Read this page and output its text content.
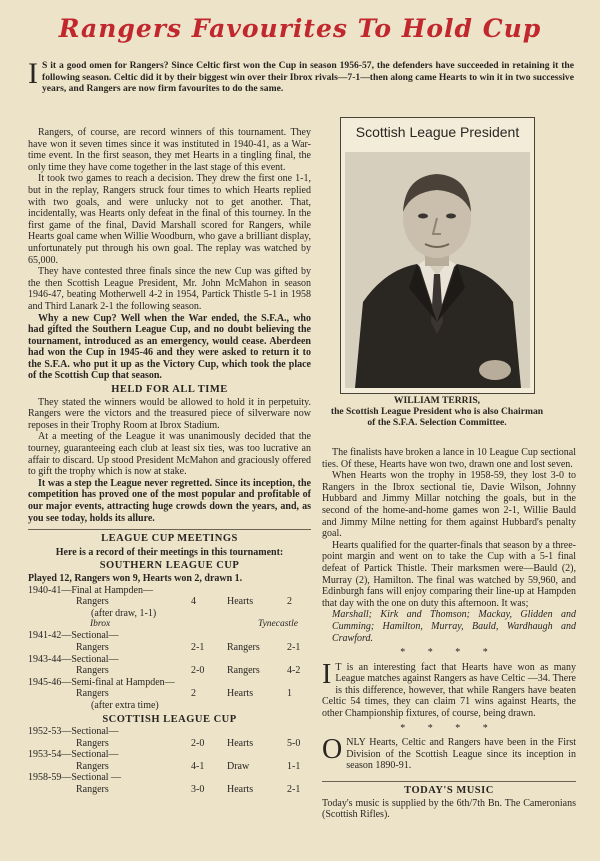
Rangers Favourites To Hold Cup
I S it a good omen for Rangers? Since Celtic first won the Cup in season 1956-57, the defenders have succeeded in retaining it the following season. Celtic did it by their biggest win over their Ibrox rivals—7-1—then along came Hearts to win it in two successive years, and Rangers are now firm favourites to do the same.

Rangers, of course, are record winners of this tournament. They have won it seven times since it was instituted in 1940-41, as a War-time event. In the first season, they met Hearts in a tingling final, the only time they have come together in the last stage of this event.

It took two games to reach a decision. They drew the first one 1-1, but in the replay, Rangers struck four times to which Hearts replied with two goals, and were unlucky not to get another. That, incidentally, was Hearts only defeat in the final of this tourney. In the first game of the final, David Marshall scored for Rangers, while Hearts goal came when Willie Woodburn, who gave a brilliant display, unfortunately put through his own goal. The replay was watched by 65,000.

They have contested three finals since the new Cup was gifted by the then Scottish League President, Mr. John McMahon in season 1946-47, beating Motherwell 4-2 in 1954, Partick Thistle 5-1 in 1958 and Third Lanark 2-1 the following season.

Why a new Cup? Well when the War ended, the S.F.A., who had gifted the Southern League Cup, and no doubt believing the tournament, introduced as an emergency, would cease. Aberdeen had won the Cup in 1945-46 and they were asked to return it to the S.F.A. who put it up as the Victory Cup, which took the place of the Scottish Cup that season.

HELD FOR ALL TIME

They stated the winners would be allowed to hold it in perpetuity. Rangers were the victors and the treasured piece of silverware now reposes in their Trophy Room at Ibrox Stadium.

At a meeting of the League it was unanimously decided that the tourney, guaranteeing each club at least six ties, was too lucrative an affair to discard. Up stood President McMahon and graciously offered to gift the trophy which is now at stake.

It was a step the League never regretted. Since its inception, the competition has proved one of the most popular and profitable of our major events, attracting huge crowds down the years, and, as you see today, holds its allure.

LEAGUE CUP MEETINGS
Here is a record of their meetings in this tournament:
SOUTHERN LEAGUE CUP
Played 12, Rangers won 9, Hearts won 2, drawn 1.
1940-41—Final at Hampden—
Rangers	4	Hearts	2
(after draw, 1-1)
Ibrox	Tynecastle
1941-42—Sectional—
Rangers	2-1	Rangers	2-1
1943-44—Sectional—
Rangers	2-0	Rangers	4-2
1945-46—Semi-final at Hampden—
Rangers	2	Hearts	1
(after extra time)
SCOTTISH LEAGUE CUP
1952-53—Sectional—
Rangers	2-0	Hearts	5-0
1953-54—Sectional—
Rangers	4-1	Draw	1-1
1958-59—Sectional —
Rangers	3-0	Hearts	2-1
Scottish League President
WILLIAM TERRIS,
the Scottish League President who is also Chairman of the S.F.A. Selection Committee.

The finalists have broken a lance in 10 League Cup sectional ties. Of these, Hearts have won two, drawn one and lost seven.

When Hearts won the trophy in 1958-59, they lost 3-0 to Rangers in the Ibrox sectional tie, Davie Wilson, Johnny Hubbard and Jimmy Millar notching the goals, but in the second of the home-and-home games won 2-1, Willie Bauld and Jimmy Milne netting for them against Hubbard's penalty goal.

Hearts qualified for the quarter-finals that season by a three-point margin and went on to take the Cup with a 5-1 final defeat of Partick Thistle. Their marksmen were—Bauld (2), Murray (2), Hamilton. The final was watched by 59,960, and Edinburgh fans will enjoy comparing their line-up at Hampden that day with the one on duty this afternoon. It was;

Marshall; Kirk and Thomson; Mackay, Glidden and Cumming; Hamilton, Murray, Bauld, Wardhaugh and Crawford.

* * * *

I T is an interesting fact that Hearts have won as many League matches against Rangers as have Celtic —34. There is this difference, however, that while Rangers have beaten Celtic 54 times, they can claim 71 wins against Hearts, the other Championship fixtures, of course, being drawn.

* * * *

ONLY Hearts, Celtic and Rangers have been in the First Division of the Scottish League since its inception in season 1890-91.

TODAY'S MUSIC

Today's music is supplied by the 6th/7th Bn. The Cameronians (Scottish Rifles).
